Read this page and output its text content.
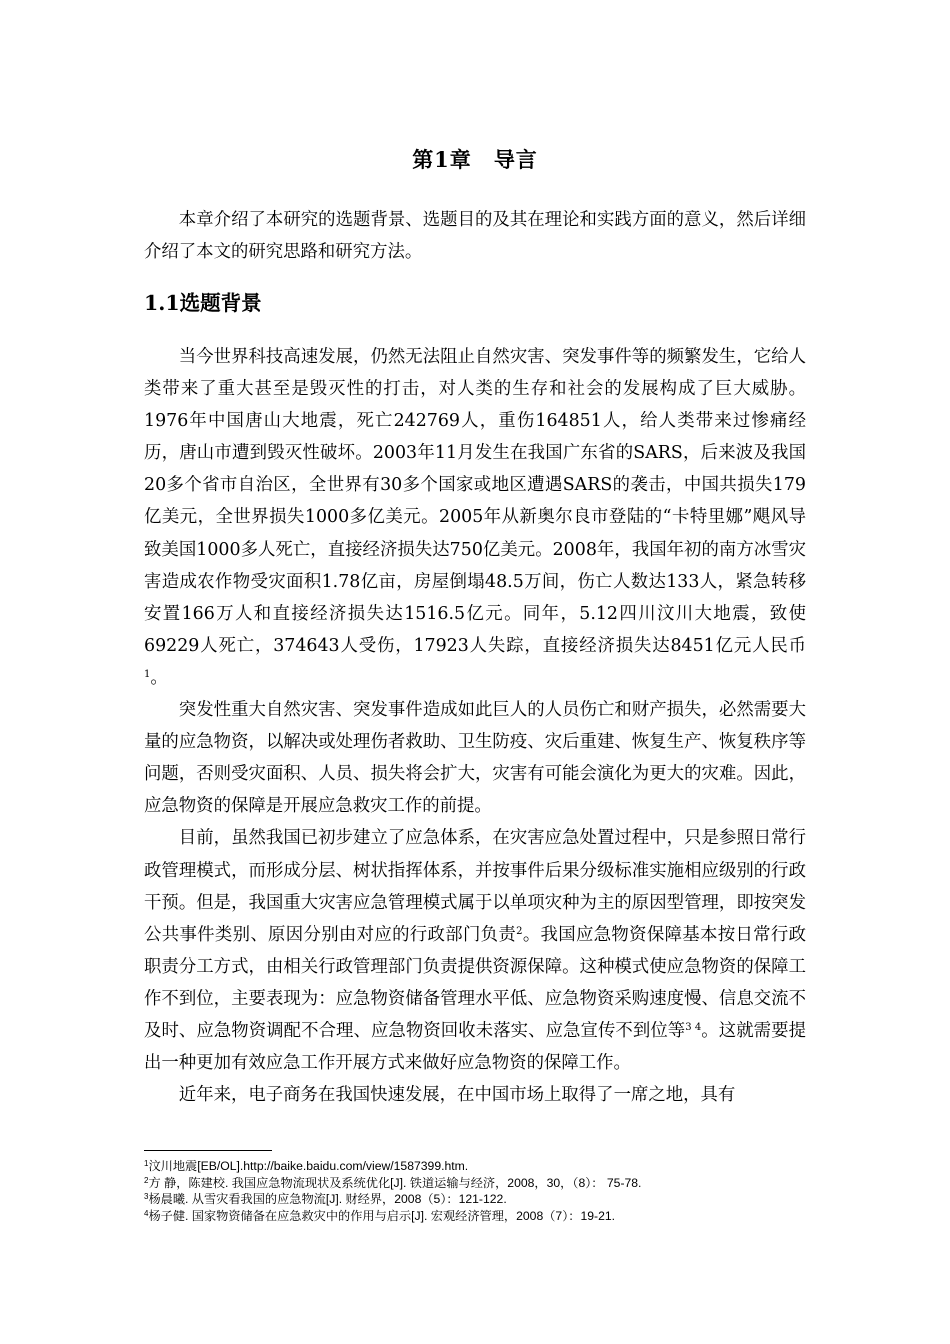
第1章 导言

本章介绍了本研究的选题背景、选题目的及其在理论和实践方面的意义，然后详细介绍了本文的研究思路和研究方法。

1.1选题背景

当今世界科技高速发展，仍然无法阻止自然灾害、突发事件等的频繁发生，它给人类带来了重大甚至是毁灭性的打击，对人类的生存和社会的发展构成了巨大威胁。1976年中国唐山大地震，死亡242769人，重伤164851人，给人类带来过惨痛经历，唐山市遭到毁灭性破坏。2003年11月发生在我国广东省的SARS，后来波及我国20多个省市自治区，全世界有30多个国家或地区遭遇SARS的袭击，中国共损失179亿美元，全世界损失1000多亿美元。2005年从新奥尔良市登陆的“卡特里娜”飓风导致美国1000多人死亡，直接经济损失达750亿美元。2008年，我国年初的南方冰雪灾害造成农作物受灾面积1.78亿亩，房屋倒塌48.5万间，伤亡人数达133人，紧急转移安置166万人和直接经济损失达1516.5亿元。同年，5.12四川汶川大地震，致使69229人死亡，374643人受伤，17923人失踪，直接经济损失达8451亿元人民币$^1$。

突发性重大自然灾害、突发事件造成如此巨人的人员伤亡和财产损失，必然需要大量的应急物资，以解决或处理伤者救助、卫生防疫、灾后重建、恢复生产、恢复秩序等问题，否则受灾面积、人员、损失将会扩大，灾害有可能会演化为更大的灾难。因此，应急物资的保障是开展应急救灾工作的前提。

目前，虽然我国已初步建立了应急体系，在灾害应急处置过程中，只是参照日常行政管理模式，而形成分层、树状指挥体系，并按事件后果分级标准实施相应级别的行政干预。但是，我国重大灾害应急管理模式属于以单项灾种为主的原因型管理，即按突发公共事件类别、原因分别由对应的行政部门负责$^2$。我国应急物资保障基本按日常行政职责分工方式，由相关行政管理部门负责提供资源保障。这种模式使应急物资的保障工作不到位，主要表现为：应急物资储备管理水平低、应急物资采购速度慢、信息交流不及时、应急物资调配不合理、应急物资回收未落实、应急宣传不到位等$^{3 4}$。这就需要提出一种更加有效应急工作开展方式来做好应急物资的保障工作。

近年来，电子商务在我国快速发展，在中国市场上取得了一席之地，具有

$^1$汶川地震[EB/OL].http://baike.baidu.com/view/1587399.htm.

$^2$方 静，陈建校. 我国应急物流现状及系统优化[J]. 铁道运输与经济，2008，30，（8）： 75-78.

$^3$杨晨曦. 从雪灾看我国的应急物流[J]. 财经界，2008（5）：121-122.

$^4$杨子健. 国家物资储备在应急救灾中的作用与启示[J]. 宏观经济管理，2008（7）：19-21.
